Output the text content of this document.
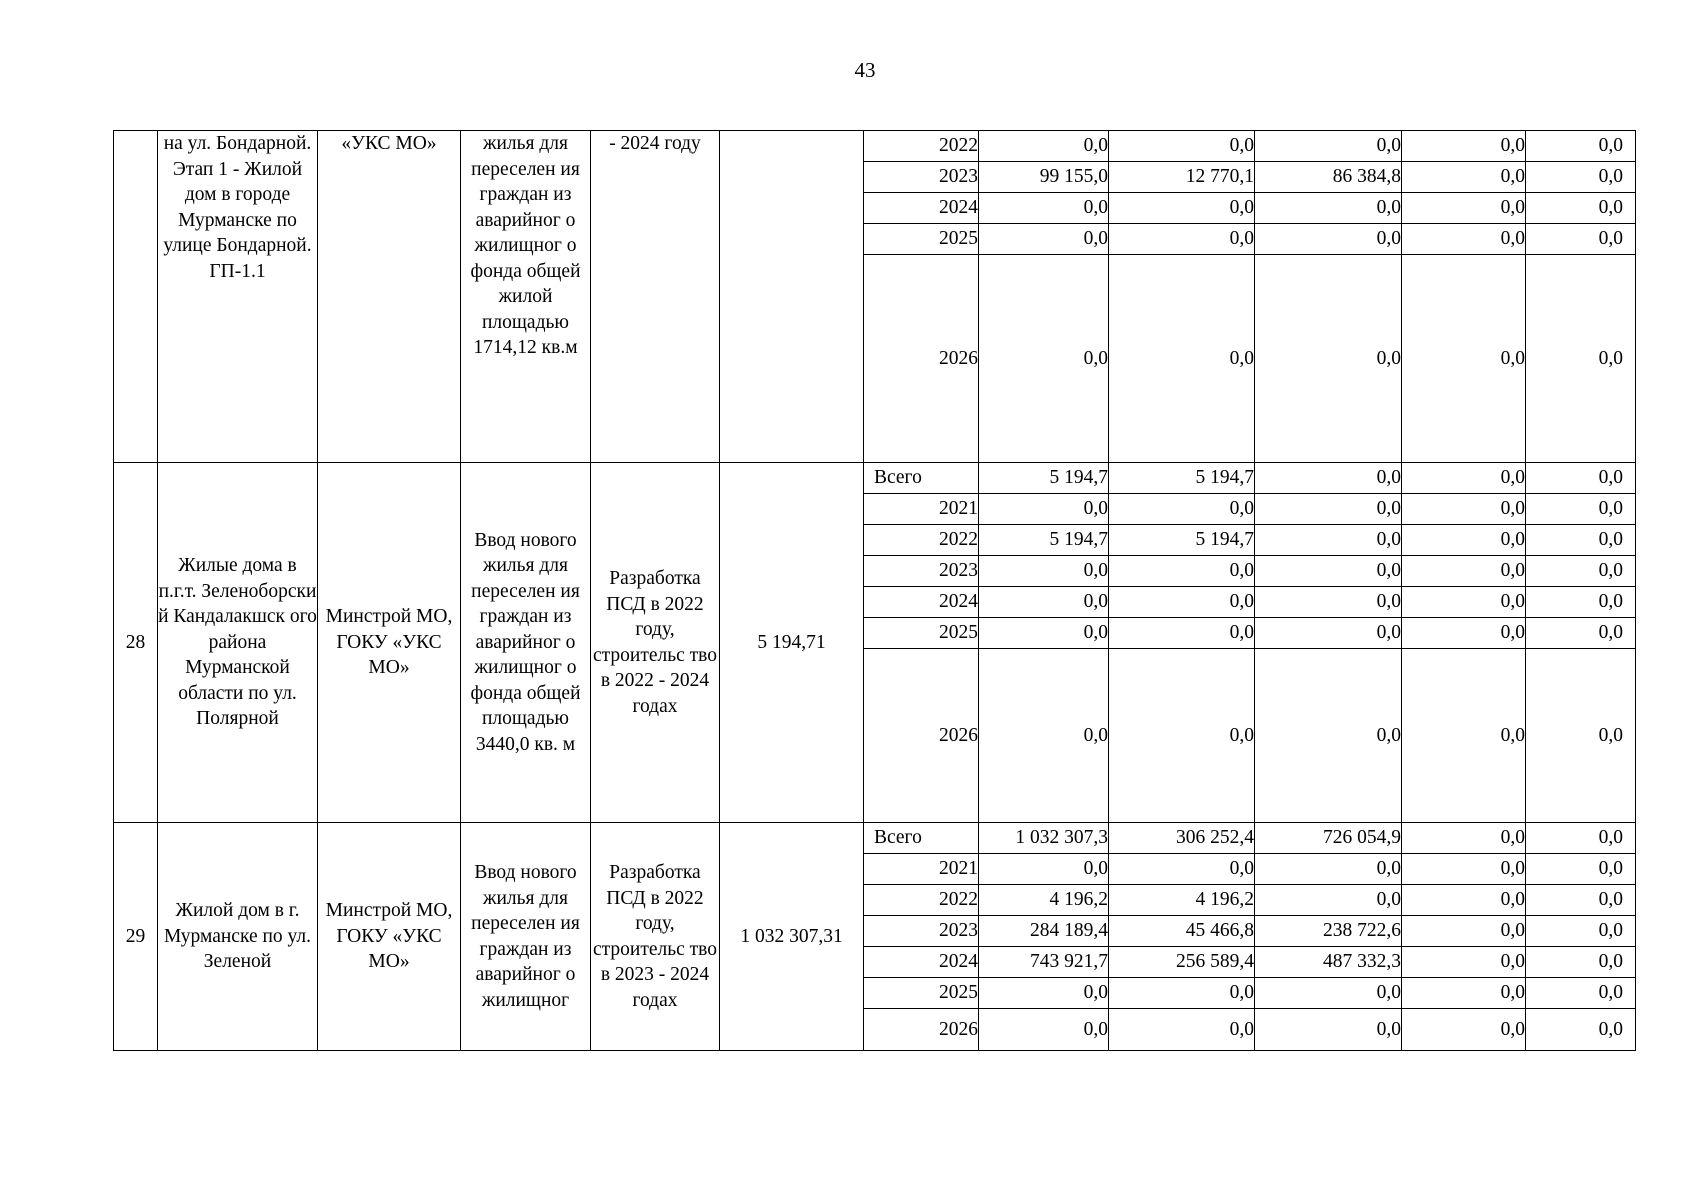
43
	на ул. Бондарной. Этап 1 - Жилой дом в городе Мурманске по улице Бондарной. ГП-1.1	«УКС МО»	жилья для переселен ия граждан из аварийног о жилищног о фонда общей жилой площадью 1714,12 кв.м	- 2024 году		2022	0,0	0,0	0,0	0,0	0,0
						2023	99 155,0	12 770,1	86 384,8	0,0	0,0
						2024	0,0	0,0	0,0	0,0	0,0
						2025	0,0	0,0	0,0	0,0	0,0
						2026	0,0	0,0	0,0	0,0	0,0
28	Жилые дома в п.г.т. Зеленоборски й Кандалакшск ого района Мурманской области по ул. Полярной	Минстрой МО, ГОКУ «УКС МО»	Ввод нового жилья для переселен ия граждан из аварийног о жилищног о фонда общей площадью 3440,0 кв. м	Разработка ПСД в 2022 году, строительс тво в 2022 - 2024 годах	5 194,71	Всего	5 194,7	5 194,7	0,0	0,0	0,0
						2021	0,0	0,0	0,0	0,0	0,0
						2022	5 194,7	5 194,7	0,0	0,0	0,0
						2023	0,0	0,0	0,0	0,0	0,0
						2024	0,0	0,0	0,0	0,0	0,0
						2025	0,0	0,0	0,0	0,0	0,0
						2026	0,0	0,0	0,0	0,0	0,0
29	Жилой дом в г. Мурманске по ул. Зеленой	Минстрой МО, ГОКУ «УКС МО»	Ввод нового жилья для переселен ия граждан из аварийног о жилищног	Разработка ПСД в 2022 году, строительс тво в 2023 - 2024 годах	1 032 307,31	Всего	1 032 307,3	306 252,4	726 054,9	0,0	0,0
						2021	0,0	0,0	0,0	0,0	0,0
						2022	4 196,2	4 196,2	0,0	0,0	0,0
						2023	284 189,4	45 466,8	238 722,6	0,0	0,0
						2024	743 921,7	256 589,4	487 332,3	0,0	0,0
						2025	0,0	0,0	0,0	0,0	0,0
						2026	0,0	0,0	0,0	0,0	0,0
